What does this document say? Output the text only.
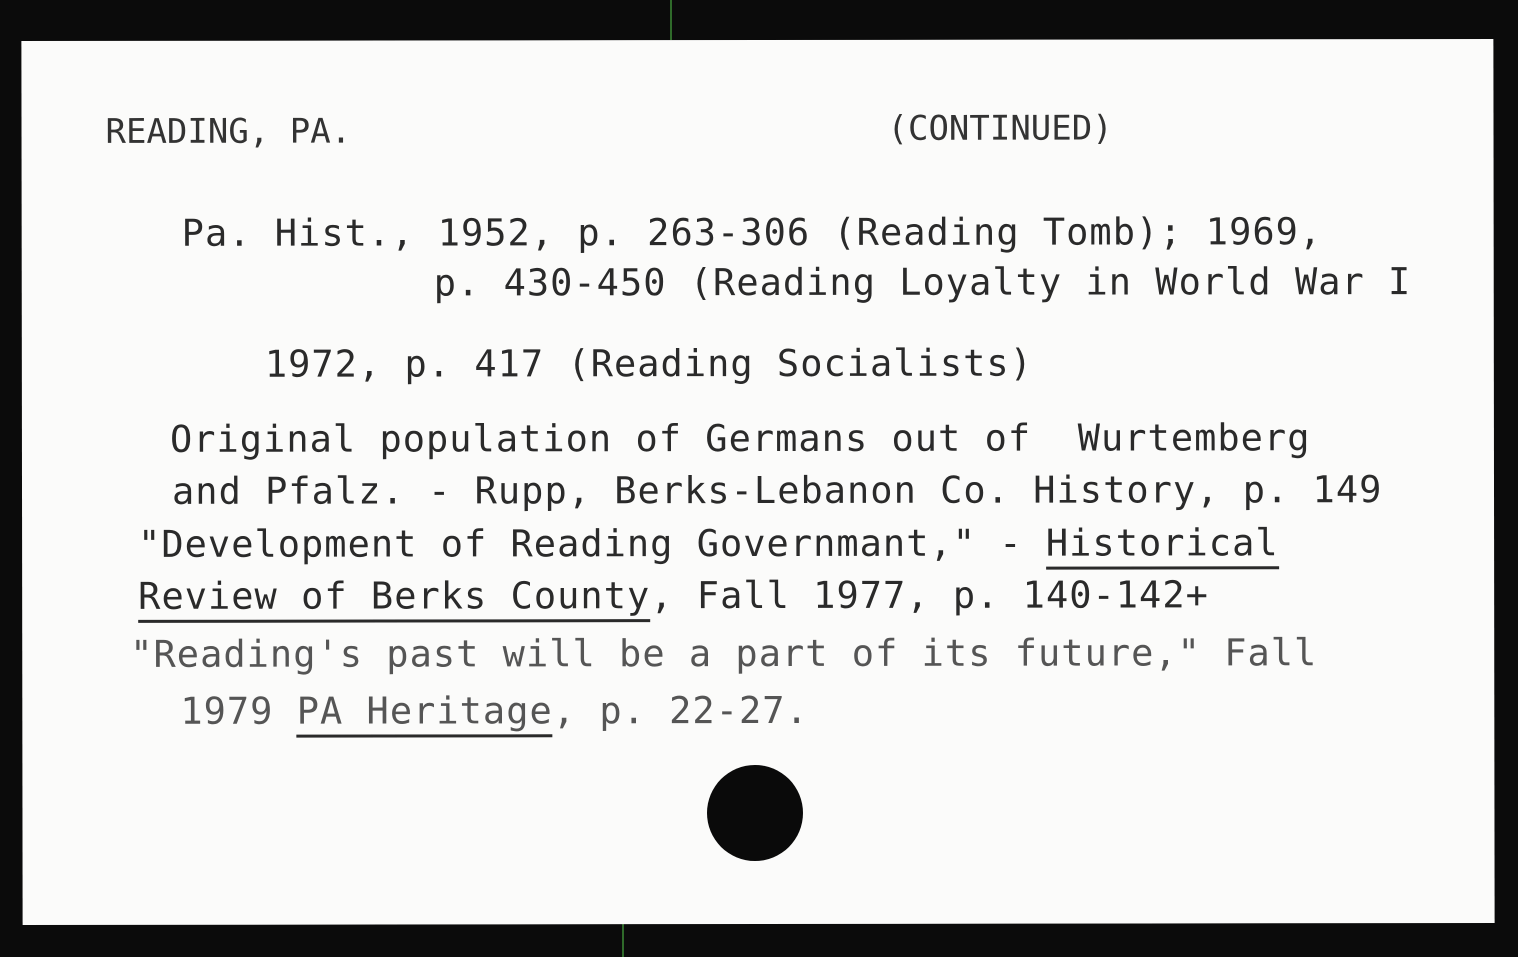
READING, PA.	(CONTINUED)
Pa. Hist., 1952, p. 263-306 (Reading Tomb); 1969,
p. 430-450 (Reading Loyalty in World War I
1972, p. 417 (Reading Socialists)
Original population of Germans out of  Wurtemberg
and Pfalz. - Rupp, Berks-Lebanon Co. History, p. 149
"Development of Reading Governmant," - Historical
Review of Berks County, Fall 1977, p. 140-142+
"Reading's past will be a part of its future," Fall
1979 PA Heritage, p. 22-27.
